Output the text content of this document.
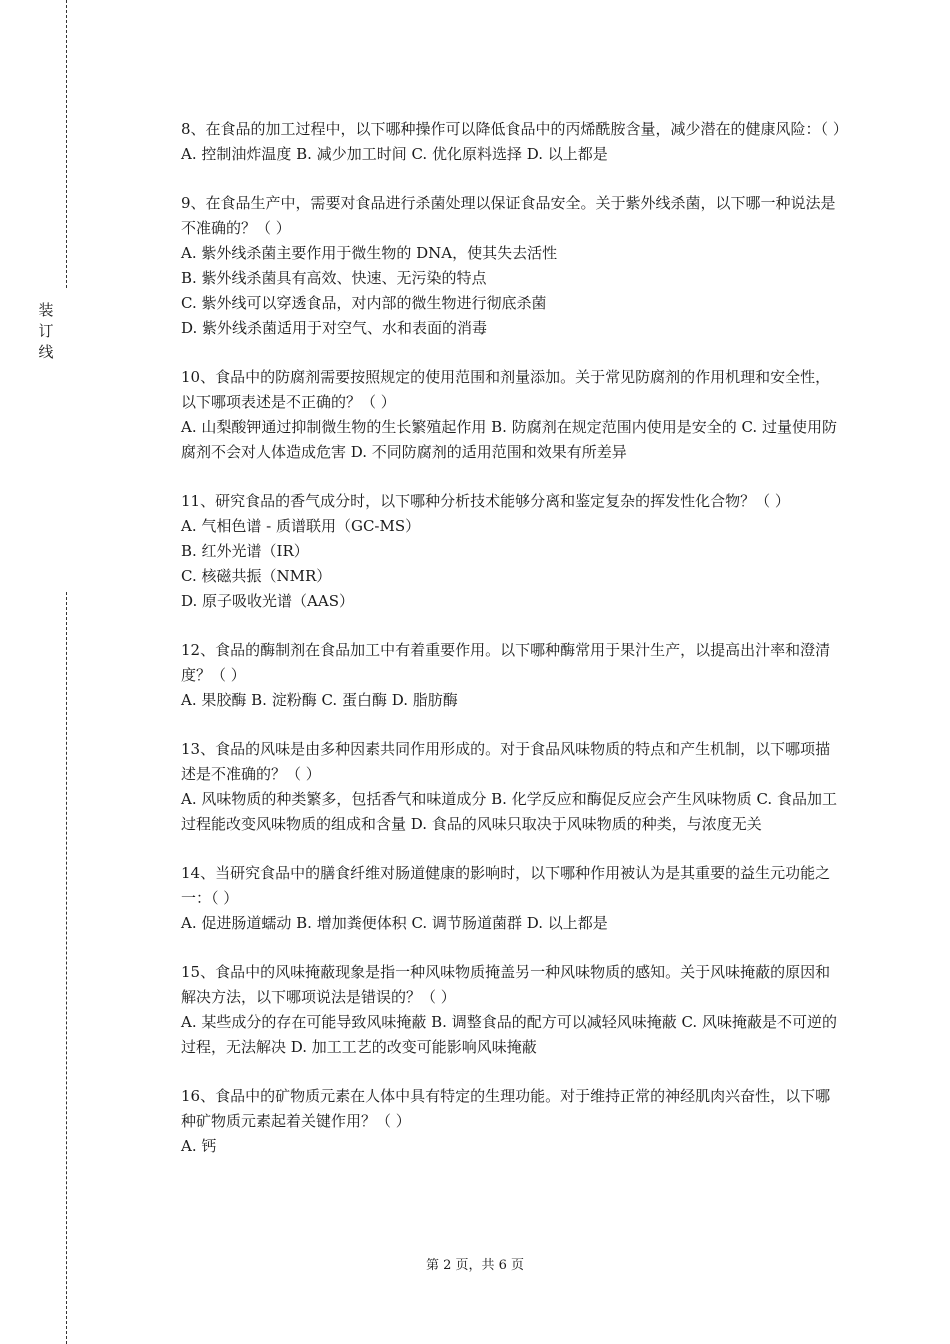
装
订
线

8、在食品的加工过程中，以下哪种操作可以降低食品中的丙烯酰胺含量，减少潜在的健康风险：（ ）

A. 控制油炸温度 B. 减少加工时间 C. 优化原料选择 D. 以上都是

9、在食品生产中，需要对食品进行杀菌处理以保证食品安全。关于紫外线杀菌，以下哪一种说法是不准确的？（ ）

A. 紫外线杀菌主要作用于微生物的 DNA，使其失去活性

B. 紫外线杀菌具有高效、快速、无污染的特点

C. 紫外线可以穿透食品，对内部的微生物进行彻底杀菌

D. 紫外线杀菌适用于对空气、水和表面的消毒

10、食品中的防腐剂需要按照规定的使用范围和剂量添加。关于常见防腐剂的作用机理和安全性，以下哪项表述是不正确的？（ ）

A. 山梨酸钾通过抑制微生物的生长繁殖起作用 B. 防腐剂在规定范围内使用是安全的 C. 过量使用防腐剂不会对人体造成危害 D. 不同防腐剂的适用范围和效果有所差异

11、研究食品的香气成分时，以下哪种分析技术能够分离和鉴定复杂的挥发性化合物？（ ）

A. 气相色谱 - 质谱联用（GC-MS）

B. 红外光谱（IR）

C. 核磁共振（NMR）

D. 原子吸收光谱（AAS）

12、食品的酶制剂在食品加工中有着重要作用。以下哪种酶常用于果汁生产，以提高出汁率和澄清度？（ ）

A. 果胶酶 B. 淀粉酶 C. 蛋白酶 D. 脂肪酶

13、食品的风味是由多种因素共同作用形成的。对于食品风味物质的特点和产生机制，以下哪项描述是不准确的？（ ）

A. 风味物质的种类繁多，包括香气和味道成分 B. 化学反应和酶促反应会产生风味物质 C. 食品加工过程能改变风味物质的组成和含量 D. 食品的风味只取决于风味物质的种类，与浓度无关

14、当研究食品中的膳食纤维对肠道健康的影响时，以下哪种作用被认为是其重要的益生元功能之一：（ ）

A. 促进肠道蠕动 B. 增加粪便体积 C. 调节肠道菌群 D. 以上都是

15、食品中的风味掩蔽现象是指一种风味物质掩盖另一种风味物质的感知。关于风味掩蔽的原因和解决方法，以下哪项说法是错误的？（ ）

A. 某些成分的存在可能导致风味掩蔽 B. 调整食品的配方可以减轻风味掩蔽 C. 风味掩蔽是不可逆的过程，无法解决 D. 加工工艺的改变可能影响风味掩蔽

16、食品中的矿物质元素在人体中具有特定的生理功能。对于维持正常的神经肌肉兴奋性，以下哪种矿物质元素起着关键作用？（ ）

A. 钙

第 2 页，共 6 页
